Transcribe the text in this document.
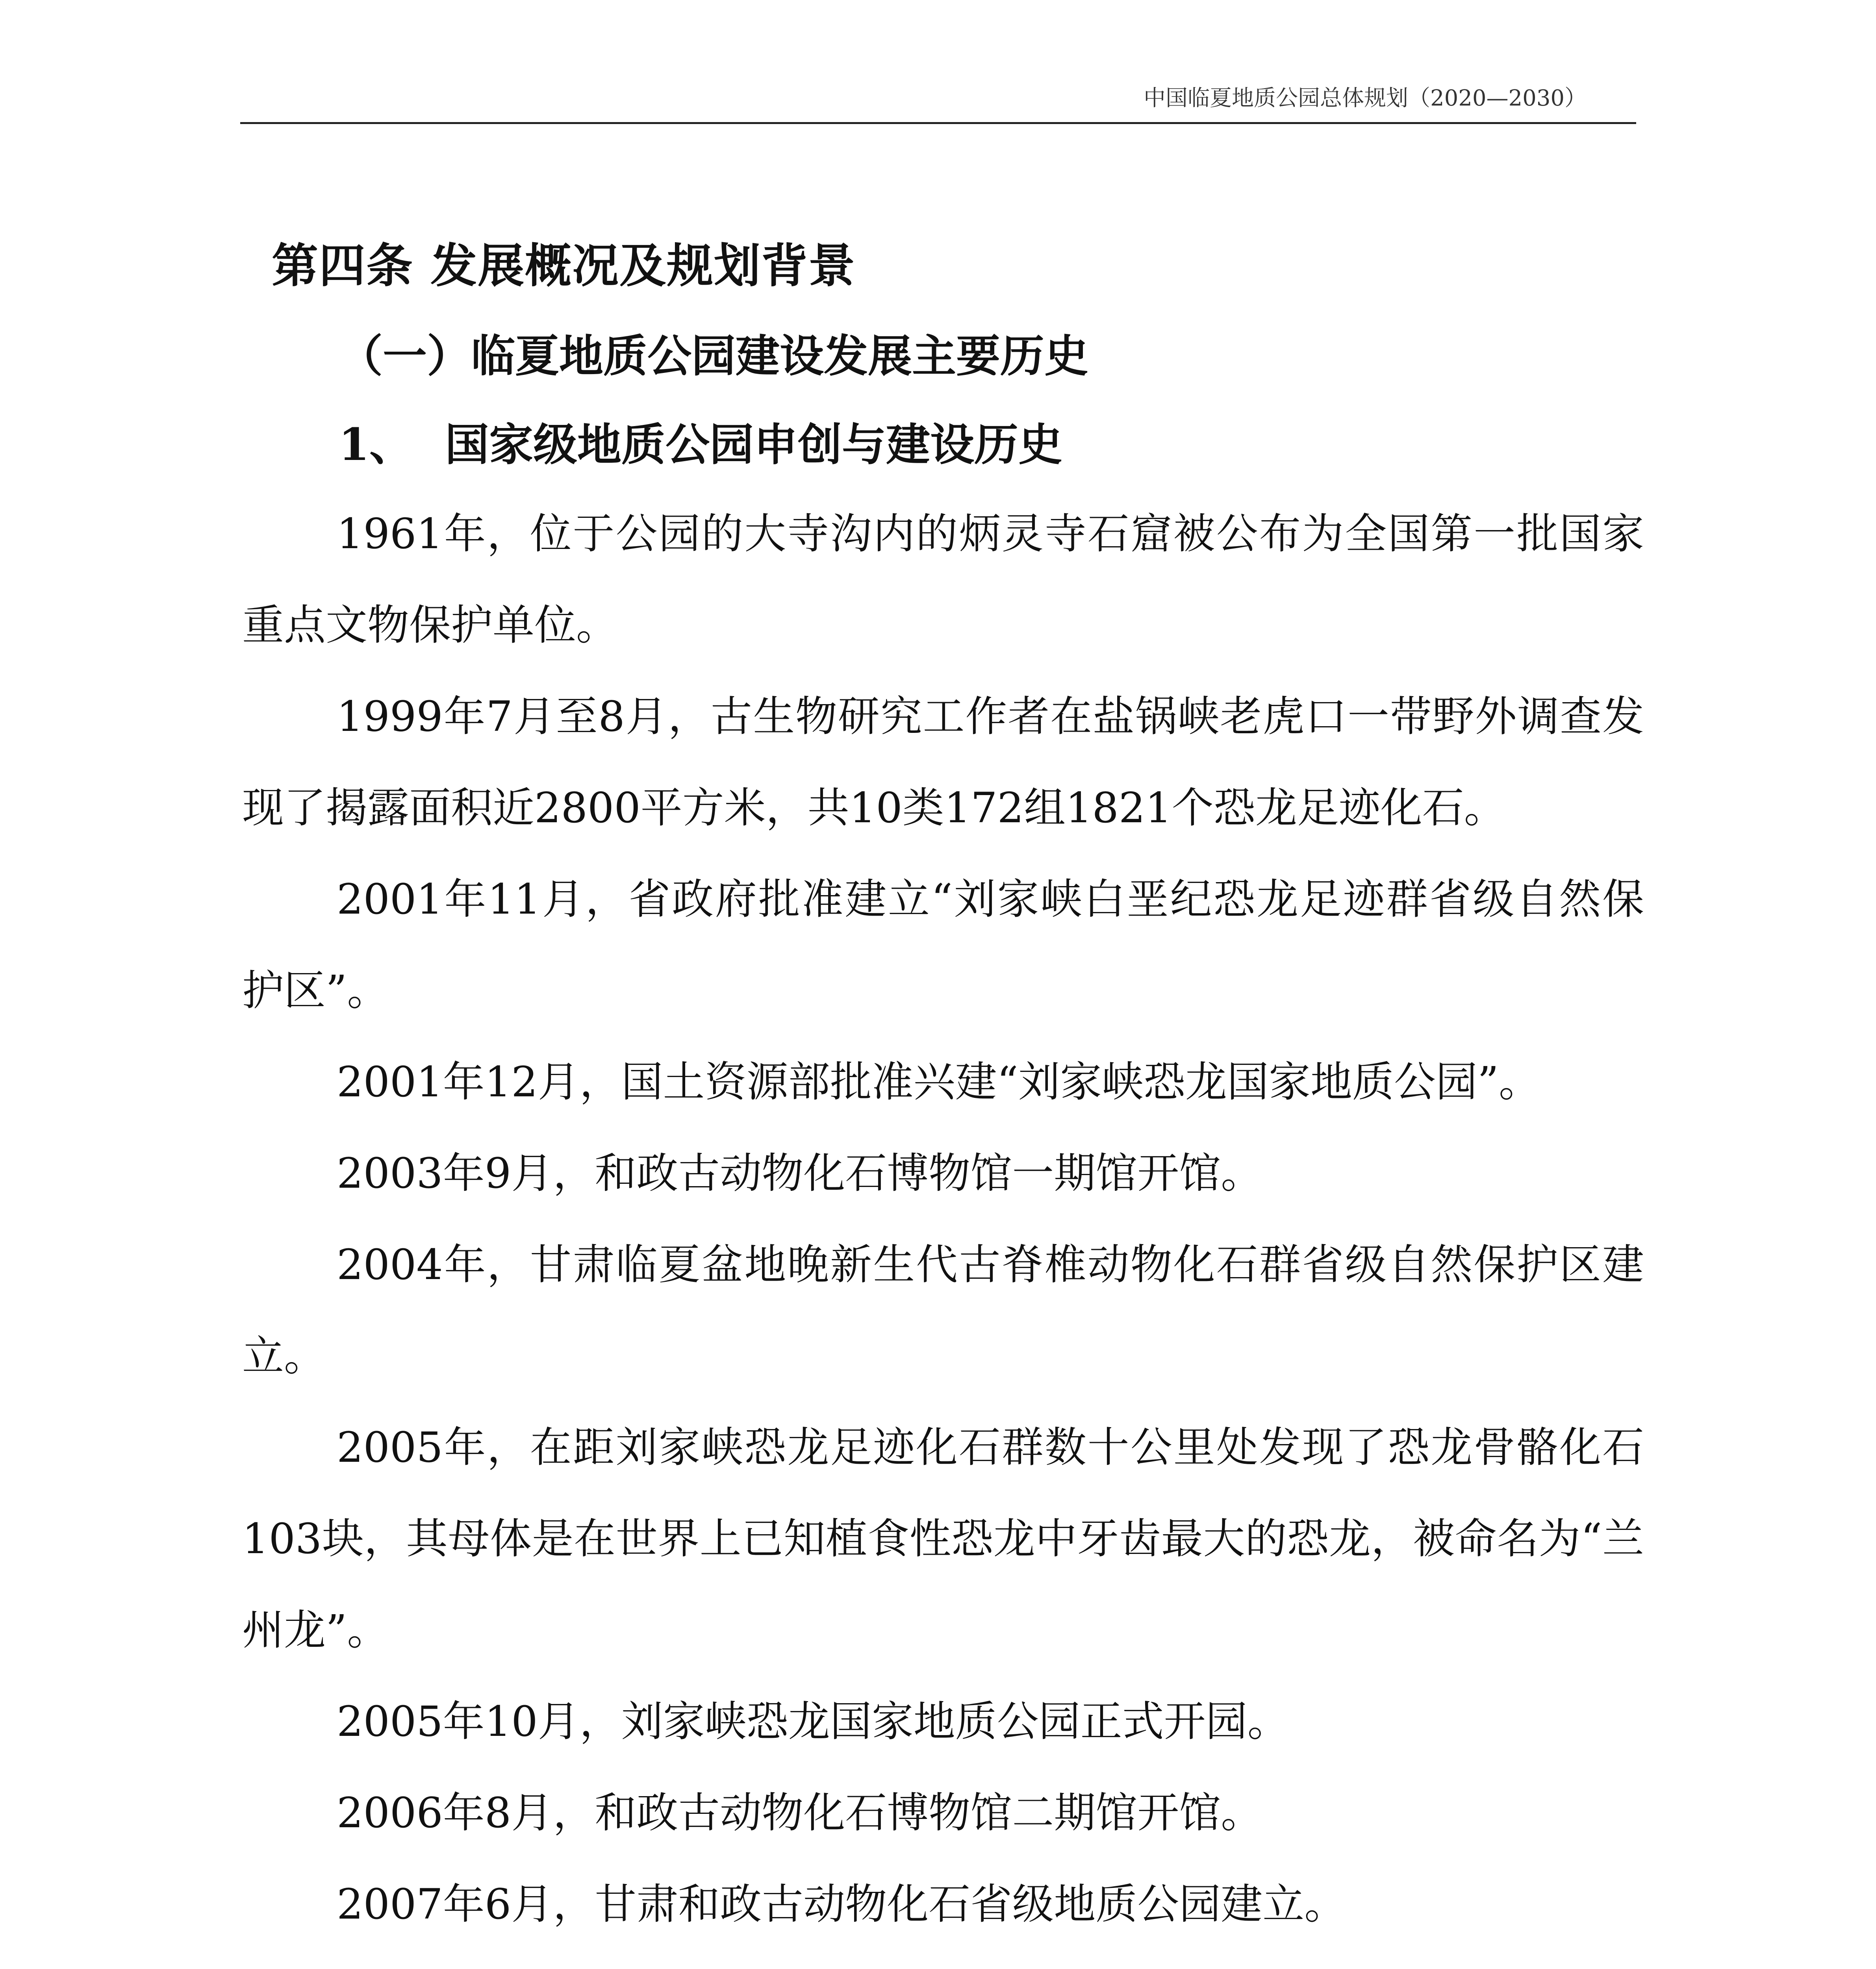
中国临夏地质公园总体规划（2020—2030）
第四条 发展概况及规划背景
（一）临夏地质公园建设发展主要历史
1、 国家级地质公园申创与建设历史

1961年，位于公园的大寺沟内的炳灵寺石窟被公布为全国第一批国家重点文物保护单位。

1999年7月至8月，古生物研究工作者在盐锅峡老虎口一带野外调查发现了揭露面积近2800平方米，共10类172组1821个恐龙足迹化石。

2001年11月，省政府批准建立“刘家峡白垩纪恐龙足迹群省级自然保护区”。

2001年12月，国土资源部批准兴建“刘家峡恐龙国家地质公园”。

2003年9月，和政古动物化石博物馆一期馆开馆。

2004年，甘肃临夏盆地晚新生代古脊椎动物化石群省级自然保护区建立。

2005年，在距刘家峡恐龙足迹化石群数十公里处发现了恐龙骨骼化石103块，其母体是在世界上已知植食性恐龙中牙齿最大的恐龙，被命名为“兰州龙”。

2005年10月，刘家峡恐龙国家地质公园正式开园。

2006年8月，和政古动物化石博物馆二期馆开馆。

2007年6月，甘肃和政古动物化石省级地质公园建立。
